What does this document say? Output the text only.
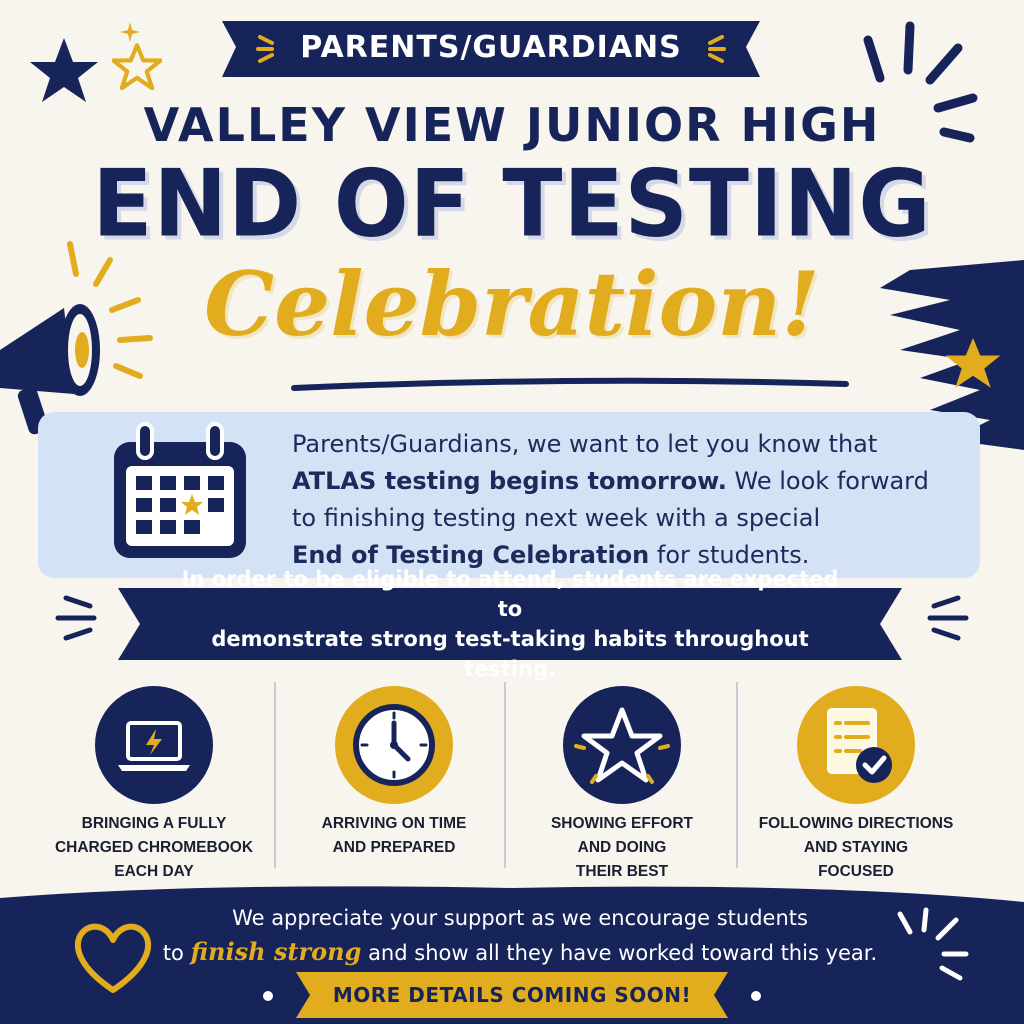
PARENTS/GUARDIANS
VALLEY VIEW JUNIOR HIGH
END OF TESTING
Celebration!
Parents/Guardians, we want to let you know that
ATLAS testing begins tomorrow. We look forward
to finishing testing next week with a special
End of Testing Celebration for students.
In order to be eligible to attend, students are expected to
demonstrate strong test-taking habits throughout testing.
BRINGING A FULLY
CHARGED CHROMEBOOK
EACH DAY
ARRIVING ON TIME
AND PREPARED
SHOWING EFFORT
AND DOING
THEIR BEST
FOLLOWING DIRECTIONS
AND STAYING
FOCUSED
We appreciate your support as we encourage students
to finish strong and show all they have worked toward this year.
MORE DETAILS COMING SOON!
